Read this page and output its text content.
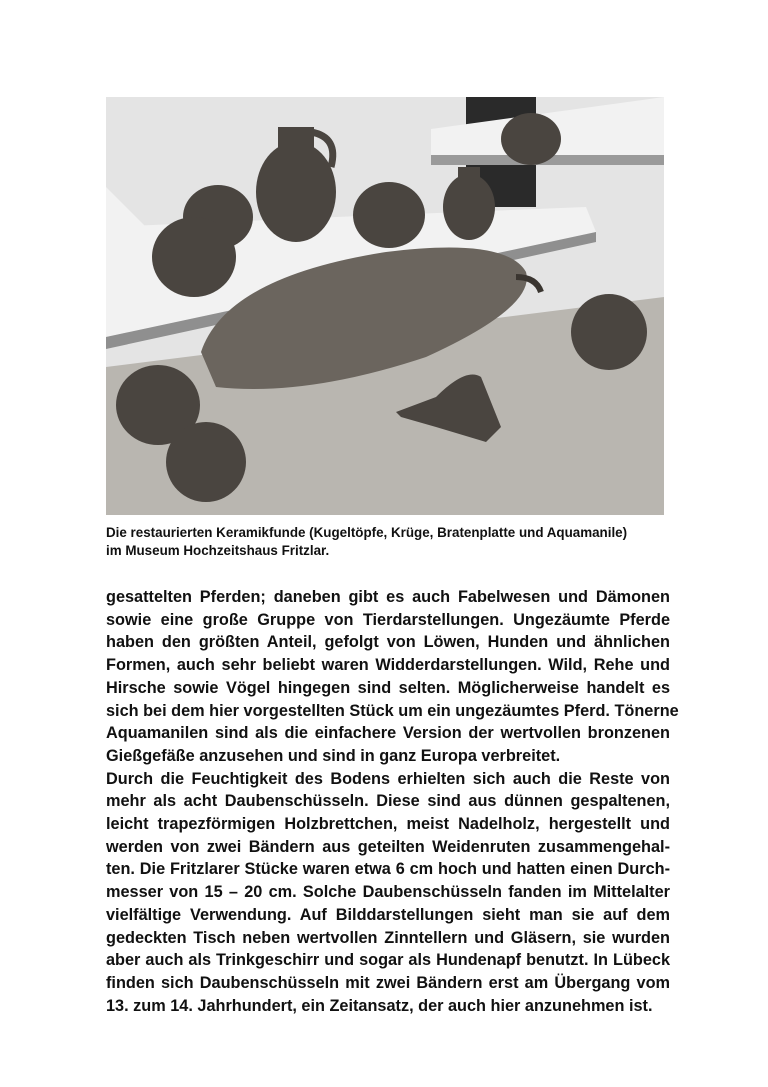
Die restaurierten Keramikfunde (Kugeltöpfe, Krüge, Bratenplatte und Aquamanile)
im Museum Hochzeitshaus Fritzlar.
gesattelten Pferden; daneben gibt es auch Fabelwesen und Dämonen
sowie eine große Gruppe von Tierdarstellungen. Ungezäumte Pferde
haben den größten Anteil, gefolgt von Löwen, Hunden und ähnlichen
Formen, auch sehr beliebt waren Widderdarstellungen. Wild, Rehe und
Hirsche sowie Vögel hingegen sind selten. Möglicherweise handelt es
sich bei dem hier vorgestellten Stück um ein ungezäumtes Pferd. Tönerne
Aquamanilen sind als die einfachere Version der wertvollen bronzenen
Gießgefäße anzusehen und sind in ganz Europa verbreitet.
Durch die Feuchtigkeit des Bodens erhielten sich auch die Reste von
mehr als acht Daubenschüsseln. Diese sind aus dünnen gespaltenen,
leicht trapezförmigen Holzbrettchen, meist Nadelholz, hergestellt und
werden von zwei Bändern aus geteilten Weidenruten zusammengehal-
ten. Die Fritzlarer Stücke waren etwa 6 cm hoch und hatten einen Durch-
messer von 15 – 20 cm. Solche Daubenschüsseln fanden im Mittelalter
vielfältige Verwendung. Auf Bilddarstellungen sieht man sie auf dem
gedeckten Tisch neben wertvollen Zinntellern und Gläsern, sie wurden
aber auch als Trinkgeschirr und sogar als Hundenapf benutzt. In Lübeck
finden sich Daubenschüsseln mit zwei Bändern erst am Übergang vom
13. zum 14. Jahrhundert, ein Zeitansatz, der auch hier anzunehmen ist.
